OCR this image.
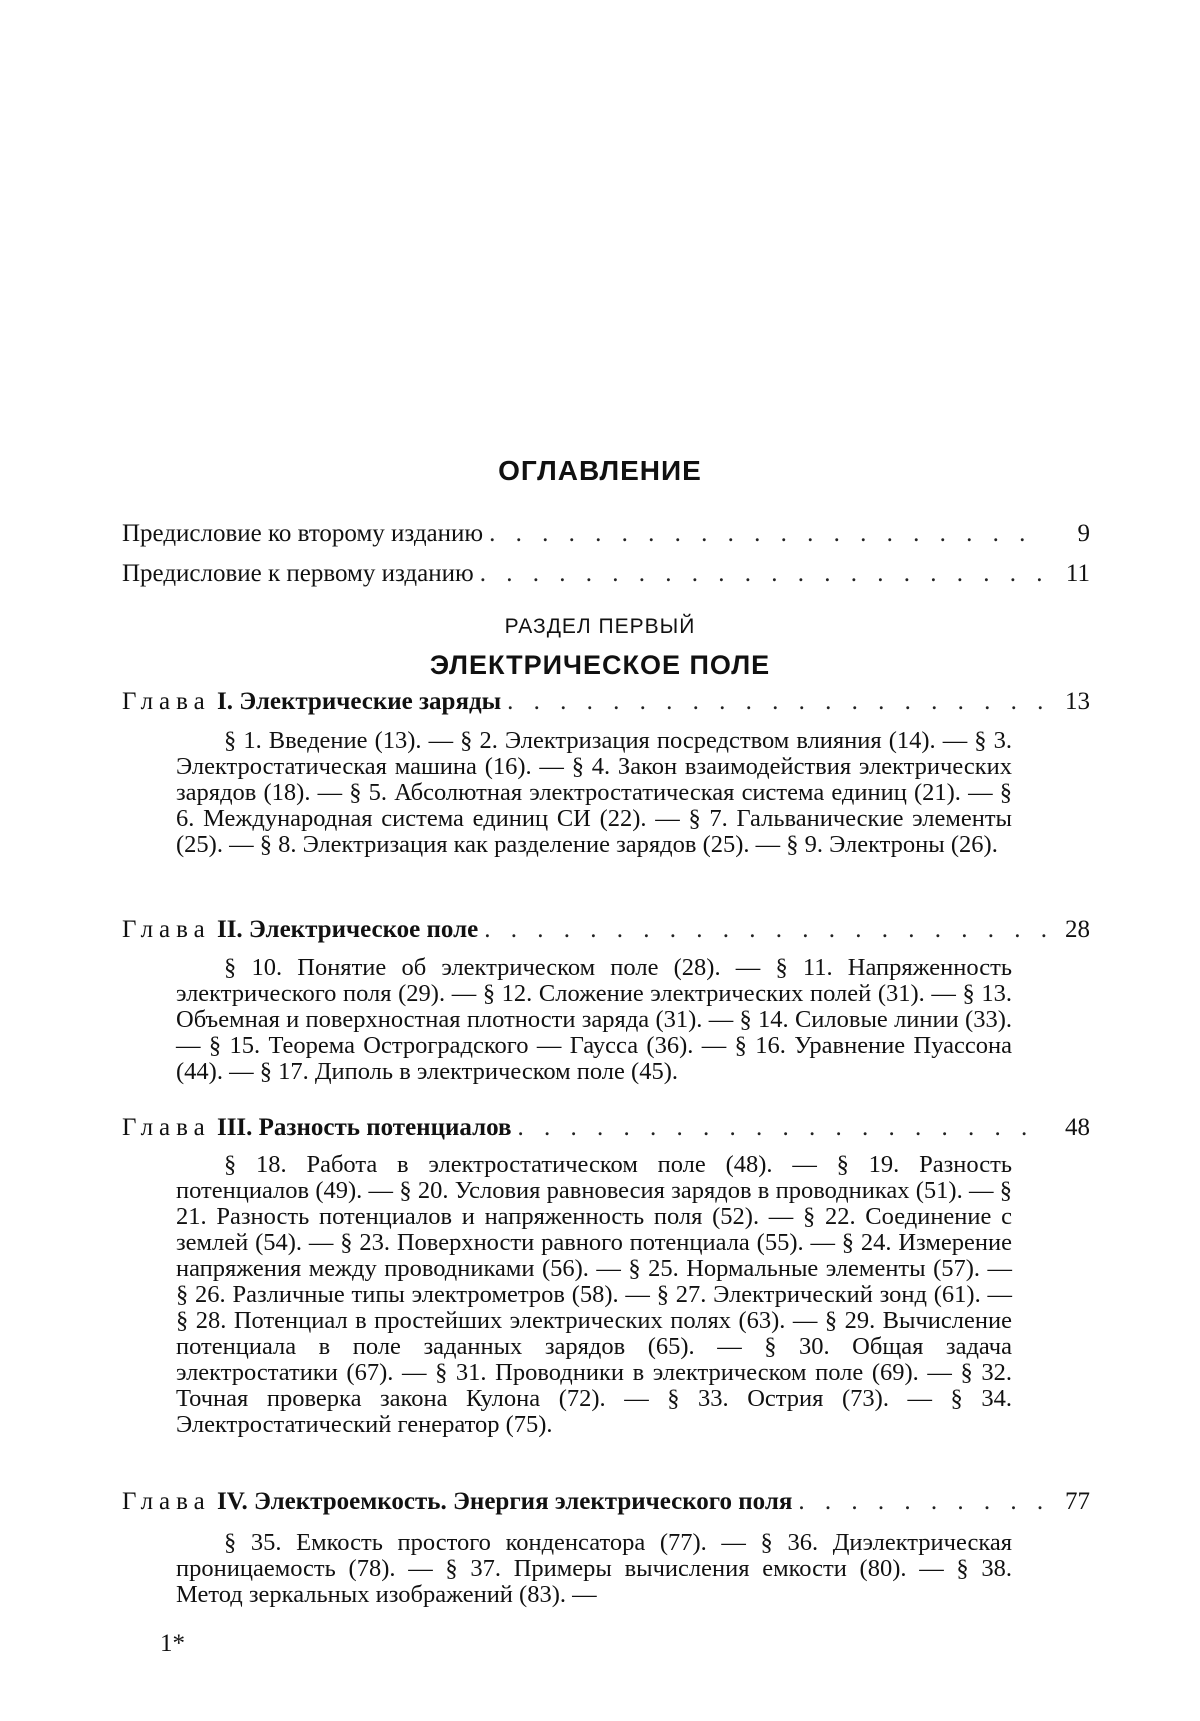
ОГЛАВЛЕНИЕ
Предисловие ко второму изданию . . .	9
Предисловие к первому изданию . . .	11
РАЗДЕЛ ПЕРВЫЙ
ЭЛЕКТРИЧЕСКОЕ ПОЛЕ
Глава I. Электрические заряды . . .	13
§ 1. Введение (13). — § 2. Электризация посредством влияния (14). — § 3. Электростатическая машина (16). — § 4. Закон взаимодействия электрических зарядов (18). — § 5. Абсолютная электростатическая система единиц (21). — § 6. Международная система единиц СИ (22). — § 7. Гальванические элементы (25). — § 8. Электризация как разделение зарядов (25). — § 9. Электроны (26).
Глава II. Электрическое поле . . .	28
§ 10. Понятие об электрическом поле (28). — § 11. Напряженность электрического поля (29). — § 12. Сложение электрических полей (31). — § 13. Объемная и поверхностная плотности заряда (31). — § 14. Силовые линии (33). — § 15. Теорема Остроградского — Гаусса (36). — § 16. Уравнение Пуассона (44). — § 17. Диполь в электрическом поле (45).
Глава III. Разность потенциалов . . .	48
§ 18. Работа в электростатическом поле (48). — § 19. Разность потенциалов (49). — § 20. Условия равновесия зарядов в проводниках (51). — § 21. Разность потенциалов и напряженность поля (52). — § 22. Соединение с землей (54). — § 23. Поверхности равного потенциала (55). — § 24. Измерение напряжения между проводниками (56). — § 25. Нормальные элементы (57). — § 26. Различные типы электрометров (58). — § 27. Электрический зонд (61). — § 28. Потенциал в простейших электрических полях (63). — § 29. Вычисление потенциала в поле заданных зарядов (65). — § 30. Общая задача электростатики (67). — § 31. Проводники в электрическом поле (69). — § 32. Точная проверка закона Кулона (72). — § 33. Острия (73). — § 34. Электростатический генератор (75).
Глава IV. Электроемкость. Энергия электрического поля . . .	77
§ 35. Емкость простого конденсатора (77). — § 36. Диэлектрическая проницаемость (78). — § 37. Примеры вычисления емкости (80). — § 38. Метод зеркальных изображений (83). —
1*
